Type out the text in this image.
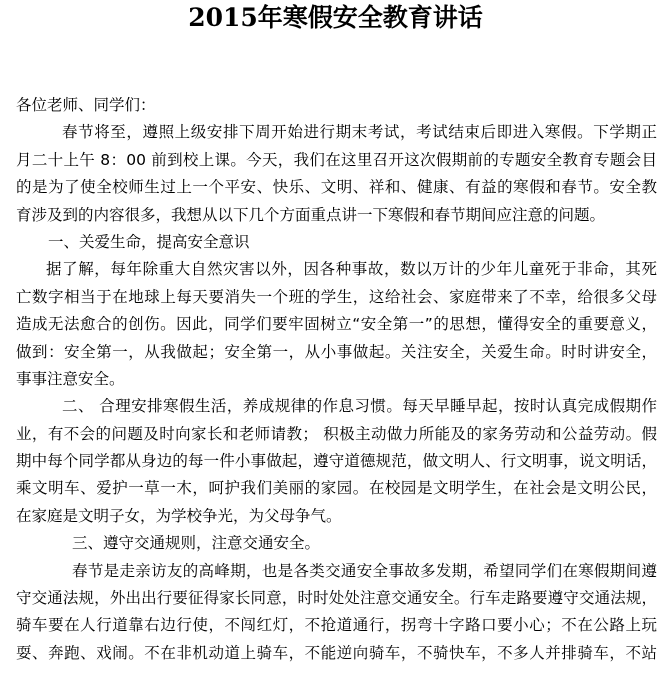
2015年寒假安全教育讲话
各位老师、同学们：
春节将至，遵照上级安排下周开始进行期末考试，考试结束后即进入寒假。下学期正
月二十上午 8：00 前到校上课。今天，我们在这里召开这次假期前的专题安全教育专题会目
的是为了使全校师生过上一个平安、快乐、文明、祥和、健康、有益的寒假和春节。安全教
育涉及到的内容很多，我想从以下几个方面重点讲一下寒假和春节期间应注意的问题。
一、关爱生命，提高安全意识
据了解，每年除重大自然灾害以外，因各种事故，数以万计的少年儿童死于非命，其死
亡数字相当于在地球上每天要消失一个班的学生，这给社会、家庭带来了不幸，给很多父母
造成无法愈合的创伤。因此，同学们要牢固树立“安全第一”的思想，懂得安全的重要意义，
做到：安全第一，从我做起；安全第一，从小事做起。关注安全，关爱生命。时时讲安全，
事事注意安全。
二、 合理安排寒假生活，养成规律的作息习惯。每天早睡早起，按时认真完成假期作
业，有不会的问题及时向家长和老师请教； 积极主动做力所能及的家务劳动和公益劳动。假
期中每个同学都从身边的每一件小事做起，遵守道德规范，做文明人、行文明事，说文明话，
乘文明车、爱护一草一木，呵护我们美丽的家园。在校园是文明学生，在社会是文明公民，
在家庭是文明子女，为学校争光，为父母争气。
三、遵守交通规则，注意交通安全。
春节是走亲访友的高峰期，也是各类交通安全事故多发期，希望同学们在寒假期间遵
守交通法规，外出出行要征得家长同意，时时处处注意交通安全。行车走路要遵守交通法规，
骑车要在人行道靠右边行使，不闯红灯，不抢道通行，拐弯十字路口要小心；不在公路上玩
耍、奔跑、戏闹。不在非机动道上骑车，不能逆向骑车，不骑快车，不多人并排骑车，不站
